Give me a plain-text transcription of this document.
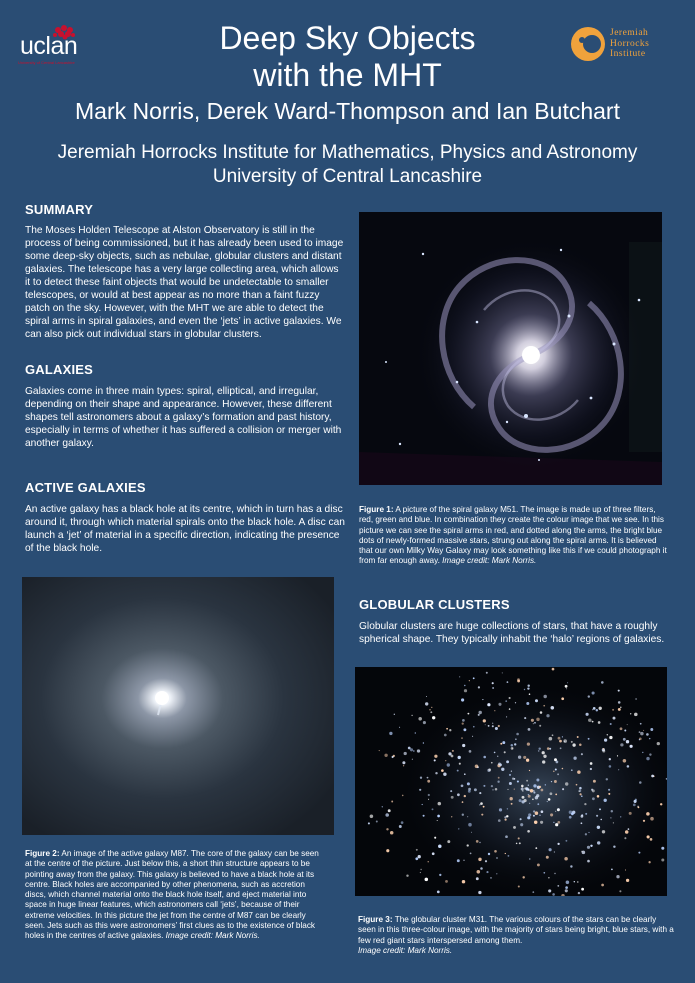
uclan
University of Central Lancashire
Jeremiah
Horrocks
Institute
Deep Sky Objects
with the MHT
Mark Norris, Derek Ward-Thompson and Ian Butchart
Jeremiah Horrocks Institute for Mathematics, Physics and Astronomy
University of Central Lancashire
SUMMARY
The Moses Holden Telescope at Alston Observatory is still in the process of being commissioned, but it has already been used to image some deep-sky objects, such as nebulae, globular clusters and distant galaxies. The telescope has a very large collecting area, which allows it to detect these faint objects that would be undetectable to smaller telescopes, or would at best appear as no more than a faint fuzzy patch on the sky. However, with the MHT we are able to detect the spiral arms in spiral galaxies, and even the ‘jets’ in active galaxies. We can also pick out individual stars in globular clusters.
GALAXIES
Galaxies come in three main types: spiral, elliptical, and irregular, depending on their shape and appearance. However, these different shapes tell astronomers about a galaxy’s formation and past history, especially in terms of whether it has suffered a collision or merger with another galaxy.
ACTIVE GALAXIES
An active galaxy has a black hole at its centre, which in turn has a disc around it, through which material spirals onto the black hole. A disc can launch a ‘jet’ of material in a specific direction, indicating the presence of the black hole.
Figure 1: A picture of the spiral galaxy M51. The image is made up of three filters, red, green and blue. In combination they create the colour image that we see. In this picture we can see the spiral arms in red, and dotted along the arms, the bright blue dots of newly-formed massive stars, strung out along the spiral arms. It is believed that our own Milky Way Galaxy may look something like this if we could photograph it from far enough away. Image credit: Mark Norris.
GLOBULAR CLUSTERS
Globular clusters are huge collections of stars, that have a roughly spherical shape. They typically inhabit the ‘halo’ regions of galaxies.
Figure 2: An image of the active galaxy M87. The core of the galaxy can be seen at the centre of the picture. Just below this, a short thin structure appears to be pointing away from the galaxy. This galaxy is believed to have a black hole at its centre. Black holes are accompanied by other phenomena, such as accretion discs, which channel material onto the black hole itself, and eject material into space in huge linear features, which astronomers call ‘jets’, because of their extreme velocities. In this picture the jet from the centre of M87 can be clearly seen. Jets such as this were astronomers’ first clues as to the existence of black holes in the centres of active galaxies. Image credit: Mark Norris.
Figure 3: The globular cluster M31. The various colours of the stars can be clearly seen in this three-colour image, with the majority of stars being bright, blue stars, with a few red giant stars interspersed among them.
Image credit: Mark Norris.
